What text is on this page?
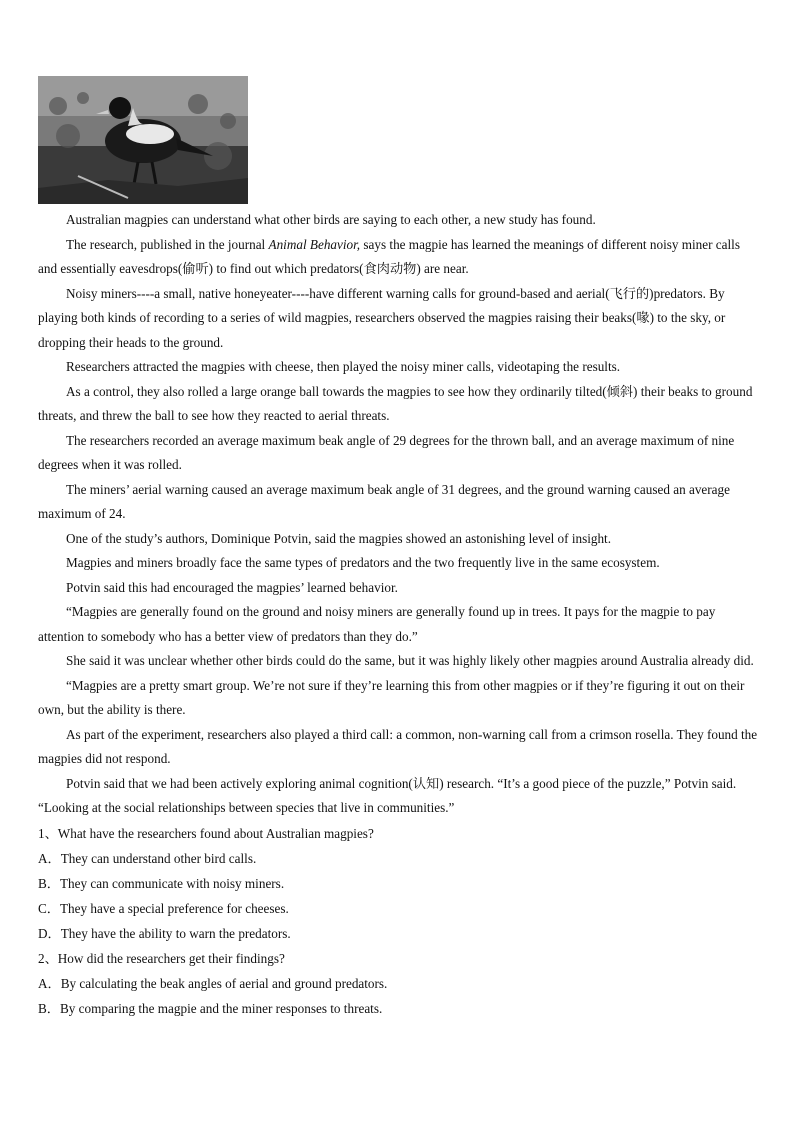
Australian magpies can understand what other birds are saying to each other, a new study has found.

The research, published in the journal Animal Behavior, says the magpie has learned the meanings of different noisy miner calls and essentially eavesdrops(偷听) to find out which predators(食肉动物) are near.

Noisy miners----a small, native honeyeater----have different warning calls for ground-based and aerial(飞行的)predators. By playing both kinds of recording to a series of wild magpies, researchers observed the magpies raising their beaks(喙) to the sky, or dropping their heads to the ground.

Researchers attracted the magpies with cheese, then played the noisy miner calls, videotaping the results.

As a control, they also rolled a large orange ball towards the magpies to see how they ordinarily tilted(倾斜) their beaks to ground threats, and threw the ball to see how they reacted to aerial threats.

The researchers recorded an average maximum beak angle of 29 degrees for the thrown ball, and an average maximum of nine degrees when it was rolled.

The miners’ aerial warning caused an average maximum beak angle of 31 degrees, and the ground warning caused an average maximum of 24.

One of the study’s authors, Dominique Potvin, said the magpies showed an astonishing level of insight.

Magpies and miners broadly face the same types of predators and the two frequently live in the same ecosystem.

Potvin said this had encouraged the magpies’ learned behavior.

“Magpies are generally found on the ground and noisy miners are generally found up in trees. It pays for the magpie to pay attention to somebody who has a better view of predators than they do.”

She said it was unclear whether other birds could do the same, but it was highly likely other magpies around Australia already did.

“Magpies are a pretty smart group. We’re not sure if they’re learning this from other magpies or if they’re figuring it out on their own, but the ability is there.

As part of the experiment, researchers also played a third call: a common, non-warning call from a crimson rosella. They found the magpies did not respond.

Potvin said that we had been actively exploring animal cognition(认知) research. “It’s a good piece of the puzzle,” Potvin said. “Looking at the social relationships between species that live in communities.”

1、What have the researchers found about Australian magpies?

A．They can understand other bird calls.

B．They can communicate with noisy miners.

C．They have a special preference for cheeses.

D．They have the ability to warn the predators.

2、How did the researchers get their findings?

A．By calculating the beak angles of aerial and ground predators.

B．By comparing the magpie and the miner responses to threats.
